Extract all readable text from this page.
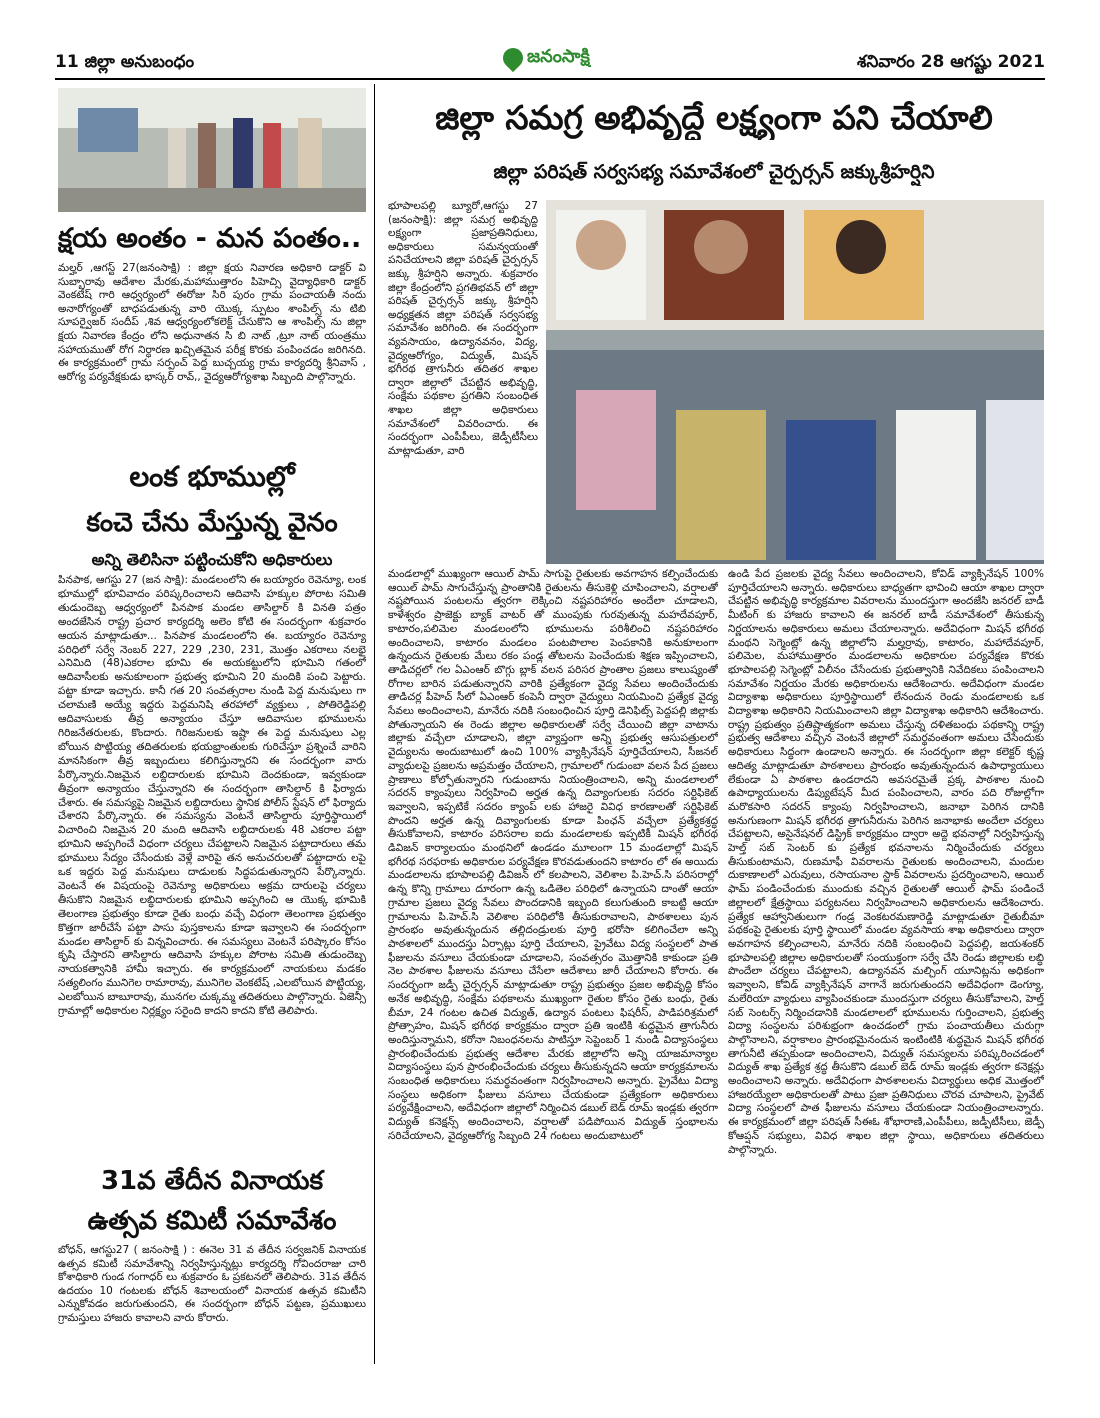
11 జిల్లా అనుబంధం	జనంసాక్షి	శనివారం 28 ఆగష్టు 2021
క్షయ అంతం - మన పంతం..
మల్హర్ ,ఆగస్ట్ 27(జనంసాక్షి) : జిల్లా క్షయ నివారణ అధికారి డాక్టర్ వి సుబ్బారావు ఆదేశాల మేరకు,మహాముత్తారం పిహెచ్సి వైద్యాధికారి డాక్టర్ వెంకటేష్ గారి ఆధ్వర్యంలో ఈరోజు సిరి పురం గ్రామ పంచాయతీ నందు అనారోగ్యంతో బాధపడుతున్న వారి యొక్క స్పుటం శాంపిల్స్ ను టిబి సూపర్వైజర్ సందీప్ ,శివ ఆధ్వర్యంలోకలెక్ట్ చేసుకొని ఆ శాంపిల్స్ ను జిల్లా క్షయ నివారణ కేంద్రం లోని అధునాతన సి బి నాట్ ,ట్రూ నాట్ యంత్రము సహాయముతో రోగ నిర్ధారణ ఖచ్చితమైన పరీక్ష కొరకు పంపించడం జరిగినది. ఈ కార్యక్రమంలో గ్రామ సర్పంచ్ పెద్ద బుచ్చయ్య గ్రామ కార్యదర్శి శ్రీనివాస్ , ఆరోగ్య పర్యవేక్షకుడు భాస్కర్ రావ్,, వైద్యఆరోగ్యశాఖ సిబ్బంది పాల్గొన్నారు.
లంక భూముల్లో
కంచె చేను మేస్తున్న వైనం
అన్ని తెలిసినా పట్టించుకోని అధికారులు
పినపాక, ఆగస్టు 27 (జన సాక్షి): మండలంలోని ఈ బయ్యారం రెవెన్యూ, లంక భూముల్లో భూవివాదం పరిష్కరించాలని ఆదివాసి హక్కుల పోరాట సమితి తుడుందెబ్బ ఆధ్వర్యంలో పినపాక మండల తాసిల్దార్ కి వినతి పత్రం అందజేసిన రాష్ట్ర ప్రచార కార్యదర్శి అలెం కోటి ఈ సందర్భంగా శుక్రవారం ఆయన మాట్లాడుతూ... పినపాక మండలంలోని ఈ. బయ్యారం రెవెన్యూ పరిధిలో సర్వే నెంబర్ 227, 229 ,230, 231, మొత్తం ఎకరాలు నలభై ఎనిమిది (48)ఎకరాల భూమి ఈ అయకట్టులోని భూమిని గతంలో ఆదివాసీలకు అనుకూలంగా ప్రభుత్వ భూమిని 20 మందికి పంచి పెట్టారు. పట్టా కూడా ఇచ్చారు. కానీ గత 20 సంవత్సరాల నుండి పెద్ద మనుషులు గా చలామణి అయ్యే ఇద్దరు పెద్దమనిషి తరహాలో వ్యక్తులు , పోతిరెడ్డిపల్లి ఆదివాసులకు తీవ్ర అన్యాయం చేస్తూ ఆదివాసుల భూములను గిరిజనేతరులకు, కొందారు. గిరిజనులకు ఇష్టా ఈ పెద్ద మనుషులు ఎల్ల బోయిన పొట్టియ్య తదితరులకు భయభ్రాంతులకు గురిచేస్తూ ప్రశ్నించే వారిని మానసికంగా తీవ్ర ఇబ్బందులు కలిగిస్తున్నారని ఈ సందర్భంగా వారు పేర్కొన్నారు.నిజమైన లబ్దిదారులకు భూమిని దెందకుండా, ఇవ్వకుండా తీవ్రంగా అన్యాయం చేస్తున్నారని ఈ సందర్భంగా తాసిల్దార్ కి ఫిర్యాదు చేశారు. ఈ సమస్యపై నిజమైన లబ్దిదారులు స్థానిక పోలీస్ స్టేషన్ లో ఫిర్యాదు చేశారని పేర్కొన్నారు. ఈ సమస్యను వెంటనే తాసిల్దారు పూర్తిస్థాయిలో విచారించి నిజమైన 20 మంది ఆదివాసి లబ్ధిదారులకు 48 ఎకరాల పట్టా భూమిని అప్పగించే విధంగా చర్యలు చేపట్టాలని నిజమైన పట్టాదారులు తమ భూములు సేద్యం చేసేందుకు వెళ్లే వారిపై తన అనుచరులతో పట్టాదారు లపై ఒక ఇద్దరు పెద్ద మనుషులు దాడులకు సిద్ధపడుతున్నారని పేర్కొన్నారు. వెంటనే ఈ విషయంపై రెవెన్యూ అధికారులు అక్రమ దారులపై చర్యలు తీసుకొని నిజమైన లబ్ధిదారులకు భూమిని అప్పగించి ఆ యొక్క భూమికి తెలంగాణ ప్రభుత్వం కూడా రైతు బంధు వచ్చే విధంగా తెలంగాణ ప్రభుత్వం కొత్తగా జారీచేసే పట్టా పాసు పుస్తకాలను కూడా ఇవ్వాలని ఈ సందర్భంగా మండల తాసిల్దార్ కు విన్నవించారు. ఈ సమస్యలు వెంటనే పరిష్కారం కోసం కృషి చేస్తారని తాసిల్దారు ఆదివాసి హక్కుల పోరాట సమితి తుడుందెబ్బ నాయకత్వానికి హామీ ఇచ్చారు. ఈ కార్యక్రమంలో నాయకులు మడకం సత్యలింగం మునిగెల రామారావు, మునిగెల వెంకటేష్ ,ఎలబోయిన పొట్టియ్య, ఎలబోయిన బాబూరావు, మునగల చుక్కమ్మ తదితరులు పాల్గొన్నారు. ఏజెన్సీ గ్రామాల్లో అధికారుల నిర్లక్ష్యం సరైంది కాదని కాదని కోటి తెలిపారు.
31వ తేదీన వినాయక
ఉత్సవ కమిటీ సమావేశం
బోధన్, ఆగస్టు27 ( జనంసాక్షి ) : ఈనెల 31 వ తేదీన సర్వజనిక్ వినాయక ఉత్సవ కమిటీ సమావేశాన్ని నిర్వహిస్తున్నట్లు కార్యదర్శి గోవిందరాజు చారి కోశాధికారి గుండ గంగాధర్ లు శుక్రవారం ఓ ప్రకటనలో తెలిపారు. 31వ తేదీన ఉదయం 10 గంటలకు బోధన్ శివాలయంలో వినాయక ఉత్సవ కమిటీని ఎన్నుకోవడం జరుగుతుందని, ఈ సందర్భంగా బోధన్ పట్టణ, ప్రముఖులు గ్రామస్తులు హాజరు కావాలని వారు కోరారు.
జిల్లా సమగ్ర అభివృద్దే లక్ష్యంగా పని చేయాలి
జిల్లా పరిషత్ సర్వసభ్య సమావేశంలో చైర్పర్సన్ జక్కుశ్రీహర్షిని
భూపాలపల్లి బ్యూరో,ఆగస్టు 27 (జనంసాక్షి): జిల్లా సమగ్ర అభివృద్ది లక్ష్యంగా ప్రజాప్రతినిధులు, అధికారులు సమన్వయంతో పనిచేయాలని జిల్లా పరిషత్ చైర్పర్సన్ జక్కు శ్రీహర్షిని అన్నారు. శుక్రవారం జిల్లా కేంద్రంలోని ప్రగతిభవన్ లో జిల్లా పరిషత్ చైర్పర్సన్ జక్కు శ్రీహర్షిని అధ్యక్షతన జిల్లా పరిషత్ సర్వసభ్య సమావేశం జరిగింది. ఈ సందర్భంగా వ్యవసాయం, ఉద్యానవనం, విద్య, వైద్యఆరోగ్యం, విద్యుత్, మిషన్ భగీరథ త్రాగునీరు తదితర శాఖల ద్వారా జిల్లాలో చేపట్టిన అభివృద్ధి, సంక్షేమ పథకాల ప్రగతిని సంబంధిత శాఖల జిల్లా అధికారులు సమావేశంలో వివరించారు. ఈ సందర్భంగా ఎంపీపీలు, జెడ్పీటీసీలు మాట్లాడుతూ, వారి
మండలాల్లో ముఖ్యంగా ఆయిల్ పామ్ సాగుపై రైతులకు అవగాహన కల్పించేందుకు ఆయిల్ పామ్ సాగుచేస్తున్న ప్రాంతానికి రైతులను తీసుకెళ్లి చూపించాలని, వర్షాలతో నష్టపోయిన పంటలను త్వరగా లెక్కించి నష్టపరిహారం అందేలా చూడాలని, కాళేశ్వరం ప్రాజెక్టు బ్యాక్ వాటర్ తో ముంపుకు గురవుతున్న మహదేవపూర్, కాటారం,పలిమెల మండలంలోని భూములను పరిశీలించి నష్టపరిహారం అందించాలని, కాటారం మండలం పంటపొలాల పెంపకానికి అనుకూలంగా ఉన్నందున రైతులకు మేలు రకం పండ్ల తోటలను పెంచేందుకు శిక్షణ ఇప్పించాలని, తాడిచర్లలో గల ఏఎంఆర్ బొగ్గు బ్లాక్ వలన పరిసర ప్రాంతాల ప్రజలు కాలుష్యంతో రోగాల బారిన పడుతున్నారని వారికి ప్రత్యేకంగా వైద్య సేవలు అందించేందుకు తాడిచర్ల పీహెచ్ సీలో ఏఎంఆర్ కంపెనీ ద్వారా వైద్యులు నియమించి ప్రత్యేక వైద్య సేవలు అందించాలని, మానేరు నదికి సంబంధించిన పూర్తి డెనిఫిట్స్ పెద్దపల్లి జిల్లాకు పోతున్నాయని ఈ రెండు జిల్లాల అధికారులతో సర్వే చేయించి జిల్లా వాటాను జిల్లాకు వచ్చేలా చూడాలని, జిల్లా వ్యాప్తంగా అన్ని ప్రభుత్వ ఆసుపత్రులలో వైద్యులను అందుబాటులో ఉంచి 100% వ్యాక్సినేషన్ పూర్తిచేయాలని, సీజనల్ వ్యాధులపై ప్రజలను అప్రమత్తం చేయాలని, గ్రామాలలో గుడుంబా వలన పేద ప్రజలు ప్రాణాలు కోల్పోతున్నారని గుడుంబాను నియంత్రించాలని, అన్ని మండలాలలో సదరన్ క్యాంపులు నిర్వహించి అర్హత ఉన్న దివ్యాంగులకు సదరం సర్టిఫికెట్ ఇవ్వాలని, ఇప్పటికే సదరం క్యాంప్ లకు హాజరై వివిధ కారణాలతో సర్టిఫికెట్ పొందని అర్హత ఉన్న దివ్యాంగులకు కూడా పింఛన్ వచ్చేలా ప్రత్యేకశ్రద్ధ తీసుకోవాలని, కాటారం పరిసరాల ఐదు మండలాలకు ఇప్పటికీ మిషన్ భగీరథ డివిజన్ కార్యాలయం మంథనిలో ఉండడం మూలంగా 15 మండలాల్లో మిషన్ భగీరథ సరఫరాకు అధికారుల పర్యవేక్షణ కొరవడుతుందని కాటారం లో ఈ అయిదు మండలాలను భూపాలపల్లి డివిజన్ లో కలపాలని, వెలిశాల పి.హెచ్.సి పరిసరాల్లో ఉన్న కొన్ని గ్రామాలు దూరంగా ఉన్న ఒడితెల పరిధిలో ఉన్నాయని దాంతో ఆయా గ్రామాల ప్రజలు వైద్య సేవలు పొందడానికి ఇబ్బంది కలుగుతుంది కాబట్టి ఆయా గ్రామాలను పి.హెచ్.సి వెలిశాల పరిధిలోకి తీసుకురావాలని, పాఠశాలలు పున ప్రారంభం అవుతున్నందున తల్లిదండ్రులకు పూర్తి భరోసా కలిగించేలా అన్ని పాఠశాలలో ముందస్తు ఏర్పాట్లు పూర్తి చేయాలని, ప్రైవేటు విద్య సంస్థలలో పాత ఫీజులను వసూలు చేయకుండా చూడాలని, సంవత్సరం మొత్తానికి కాకుండా ప్రతి నెల పాఠశాల ఫీజులను వసూలు చేసేలా ఆదేశాలు జారీ చేయాలని కోరారు. ఈ సందర్భంగా జడ్పీ చైర్పర్సన్ మాట్లాడుతూ రాష్ట్ర ప్రభుత్వం ప్రజల అభివృద్ధి కోసం అనేక అభివృద్ధి, సంక్షేమ పథకాలను ముఖ్యంగా రైతుల కోసం రైతు బంధు, రైతు బీమా, 24 గంటల ఉచిత విద్యుత్, ఉద్యాన పంటలు ఫిషరీస్, పాడిపరిశ్రమలో ప్రోత్సాహం, మిషన్ భగీరథ కార్యక్రమం ద్వారా ప్రతి ఇంటికి శుద్ధమైన త్రాగునీరు అందిస్తున్నామని, కరోనా నిబంధనలను పాటిస్తూ సెప్టెంబర్ 1 నుండి విద్యాసంస్థలు ప్రారంభించేందుకు ప్రభుత్వ ఆదేశాల మేరకు జిల్లాలోని అన్ని యాజమాన్యాల విద్యాసంస్థలు పున ప్రారంభించేందుకు చర్యలు తీసుకున్నదని ఆయా కార్యక్రమాలను సంబంధిత అధికారులు సమర్థవంతంగా నిర్వహించాలని అన్నారు. ప్రైవేటు విద్యా సంస్థలు అధికంగా ఫీజులు వసూలు చేయకుండా ప్రత్యేకంగా అధికారులు పర్యవేక్షించాలని, అదేవిధంగా జిల్లాలో నిర్మించిన డబుల్ బెడ్ రూమ్ ఇండ్లకు త్వరగా విద్యుత్ కనెక్షన్స్ అందించాలని, వర్షాలతో పడిపోయిన విద్యుత్ స్తంభాలను సరిచేయాలని, వైద్యఆరోగ్య సిబ్బంది 24 గంటలు అందుబాటులో
ఉండి పేద ప్రజలకు వైద్య సేవలు అందించాలని, కోవిడ్ వ్యాక్సినేషన్ 100% పూర్తిచేయాలని అన్నారు. అధికారులు బాధ్యతగా భావించి ఆయా శాఖల ద్వారా చేపట్టిన అభివృద్ధి కార్యక్రమాల వివరాలను ముందస్తుగా అందజేసి జనరల్ బాడీ మీటింగ్ కు హాజరు కావాలని ఈ జనరల్ బాడీ సమావేశంలో తీసుకున్న నిర్ణయాలను అధికారులు అమలు చేయాలన్నారు. అదేవిధంగా మిషన్ భగీరథ మంథని సెగ్మెంట్లో ఉన్న జిల్లాలోని మల్హర్రావు, కాటారం, మహాదేవపూర్, పలిమెల, మహాముత్తారం మండలాలను అధికారుల పర్యవేక్షణ కొరకు భూపాలపల్లి సెగ్మెంట్లో విలీనం చేసేందుకు ప్రభుత్వానికి నివేదికలు పంపించాలని సమావేశం నిర్ణయం మేరకు అధికారులను ఆదేశించారు. అదేవిధంగా మండల విద్యాశాఖ అధికారులు పూర్తిస్థాయిలో లేనందున రెండు మండలాలకు ఒక విద్యాశాఖ అధికారిని నియమించాలని జిల్లా విద్యాశాఖ అధికారిని ఆదేశించారు. రాష్ట్ర ప్రభుత్వం ప్రతిష్టాత్మకంగా అమలు చేస్తున్న దళితబంధు పథకాన్ని రాష్ట్ర ప్రభుత్వ ఆదేశాలు వచ్చిన వెంటనే జిల్లాలో సమర్థవంతంగా అమలు చేసేందుకు అధికారులు సిద్ధంగా ఉండాలని అన్నారు. ఈ సందర్భంగా జిల్లా కలెక్టర్ కృష్ణ ఆదిత్య మాట్లాడుతూ పాఠశాలలు ప్రారంభం అవుతున్నందున ఉపాధ్యాయులు లేకుండా ఏ పాఠశాల ఉండరాదని అవసరమైతే ప్రక్క పాఠశాల నుంచి ఉపాధ్యాయులను డిప్యుటేషన్ మీద పంపించాలని, వారం పది రోజుల్లోగా మరొకసారి సదరన్ క్యాంపు నిర్వహించాలని, జనాభా పెరిగిన దానికి అనుగుణంగా మిషన్ భగీరథ త్రాగునీరును పెరిగిన జనాభాకు అందేలా చర్యలు చేపట్టాలని, అసైనేషనల్ డిస్ట్రిక్ కార్యక్రమం ద్వారా అద్దె భవనాల్లో నిర్వహిస్తున్న హెల్త్ సబ్ సెంటర్ కు ప్రత్యేక భవనాలను నిర్మించేందుకు చర్యలు తీసుకుంటామని, రుణమాఫీ వివరాలను రైతులకు అందించాలని, మందుల దుకాణాలలో ఎరువులు, రసాయనాల స్టాక్ వివరాలను ప్రదర్శించాలని, ఆయిల్ ఫామ్ పండించేందుకు ముందుకు వచ్చిన రైతులతో ఆయిల్ ఫామ్ పండించే జిల్లాలలో క్షేత్రస్థాయి పర్యటనలు నిర్వహించాలని అధికారులను ఆదేశించారు. ప్రత్యేక ఆహ్వానితులుగా గండ్ర వెంకటరమణారెడ్డి మాట్లాడుతూ రైతుబీమా పథకంపై రైతులకు పూర్తి స్థాయిలో మండల వ్యవసాయ శాఖ అధికారులు ద్వారా అవగాహన కల్పించాలని, మానేరు నదికి సంబంధించి పెద్దపల్లి, జయశంకర్ భూపాలపల్లి జిల్లాల అధికారులతో సంయుక్తంగా సర్వే చేసి రెండు జిల్లాలకు లబ్ధి పొందేలా చర్యలు చేపట్టాలని, ఉద్యానవన మల్చింగ్ యూనిట్లను అధికంగా ఇవ్వాలని, కోవిడ్ వ్యాక్సినేషన్ వాగానే జరుగుతుందని అదేవిధంగా డెంగ్యూ, మలేరియా వ్యాధులు వ్యాపించకుండా ముందస్తుగా చర్యలు తీసుకోవాలని, హెల్త్ సబ్ సెంటర్స్ నిర్మించడానికి మండలాలలో భూములను గుర్తించాలని, ప్రభుత్వ విద్యా సంస్థలను పరిశుభ్రంగా ఉంచడంలో గ్రామ పంచాయతీలు చురుగ్గా పాల్గొనాలని, వర్షాకాలం ప్రారంభమైనందున ఇంటింటికి శుద్ధమైన మిషన్ భగీరథ తాగునీటి తప్పకుండా అందించాలని, విద్యుత్ సమస్యలను పరిష్కరించడంలో విద్యుత్ శాఖ ప్రత్యేక శ్రద్ధ తీసుకొని డబుల్ బెడ్ రూమ్ ఇండ్లకు త్వరగా కనెక్షన్లు అందించాలని అన్నారు. అదేవిధంగా పాఠశాలలను విద్యార్థులు అధిక మొత్తంలో హాజరయ్యేలా అధికారులతో పాటు ప్రజా ప్రతినిధులు చొరవ చూపాలని, ప్రైవేట్ విద్యా సంస్థలలో పాత ఫీజులను వసూలు చేయకుండా నియంత్రించాలన్నారు. ఈ కార్యక్రమంలో జిల్లా పరిషత్ సీఈఓ శోభారాణి,ఎంపీపీలు, జడ్పీటీసీలు, జెడ్పీ కోఆప్షన్ సభ్యులు, వివిధ శాఖల జిల్లా స్థాయి, అధికారులు తదితరులు పాల్గొన్నారు.
